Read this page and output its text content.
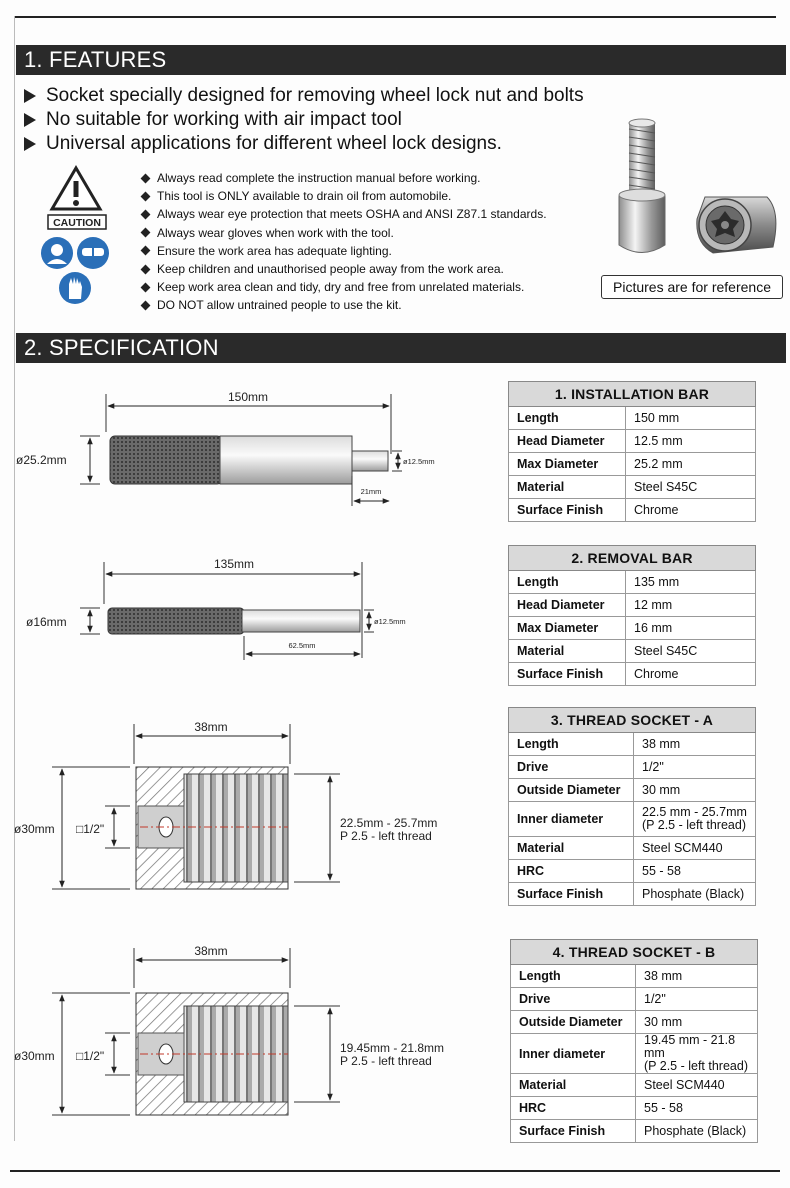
1. FEATURES
Socket specially designed for removing wheel lock nut and bolts
No suitable for working with air impact tool
Universal applications for different wheel lock designs.
CAUTION
Always read complete the instruction manual before working.
This tool is ONLY available to drain oil from automobile.
Always wear eye protection that meets OSHA and ANSI Z87.1 standards.
Always wear gloves when work with the tool.
Ensure the work area has adequate lighting.
Keep children and unauthorised people away from the work area.
Keep work area clean and tidy, dry and free from unrelated materials.
DO NOT allow untrained people to use the kit.
Pictures are for reference
2. SPECIFICATION
150mm
ø25.2mm	ø12.5mm
21mm
135mm
ø16mm	ø12.5mm
62.5mm
38mm
ø30mm □1/2"	22.5mm - 25.7mm
P 2.5 - left thread
38mm
ø30mm □1/2"
19.45mm - 21.8mm
P 2.5 - left thread
1. INSTALLATION BAR	
Length	150 mm
Head Diameter	12.5 mm
Max Diameter	25.2 mm
Material	Steel S45C
Surface Finish	Chrome
2. REMOVAL BAR	
Length	135 mm
Head Diameter	12 mm
Max Diameter	16 mm
Material	Steel S45C
Surface Finish	Chrome
3. THREAD SOCKET - A	
Length	38 mm
Drive	1/2"
Outside Diameter	30 mm
Inner diameter	22.5 mm - 25.7mm
(P 2.5 - left thread)
Material	Steel SCM440
HRC	55 - 58
Surface Finish	Phosphate (Black)
4. THREAD SOCKET - B	
Length	38 mm
Drive	1/2"
Outside Diameter	30 mm
Inner diameter	19.45 mm - 21.8 mm
(P 2.5 - left thread)
Material	Steel SCM440
HRC	55 - 58
Surface Finish	Phosphate (Black)
